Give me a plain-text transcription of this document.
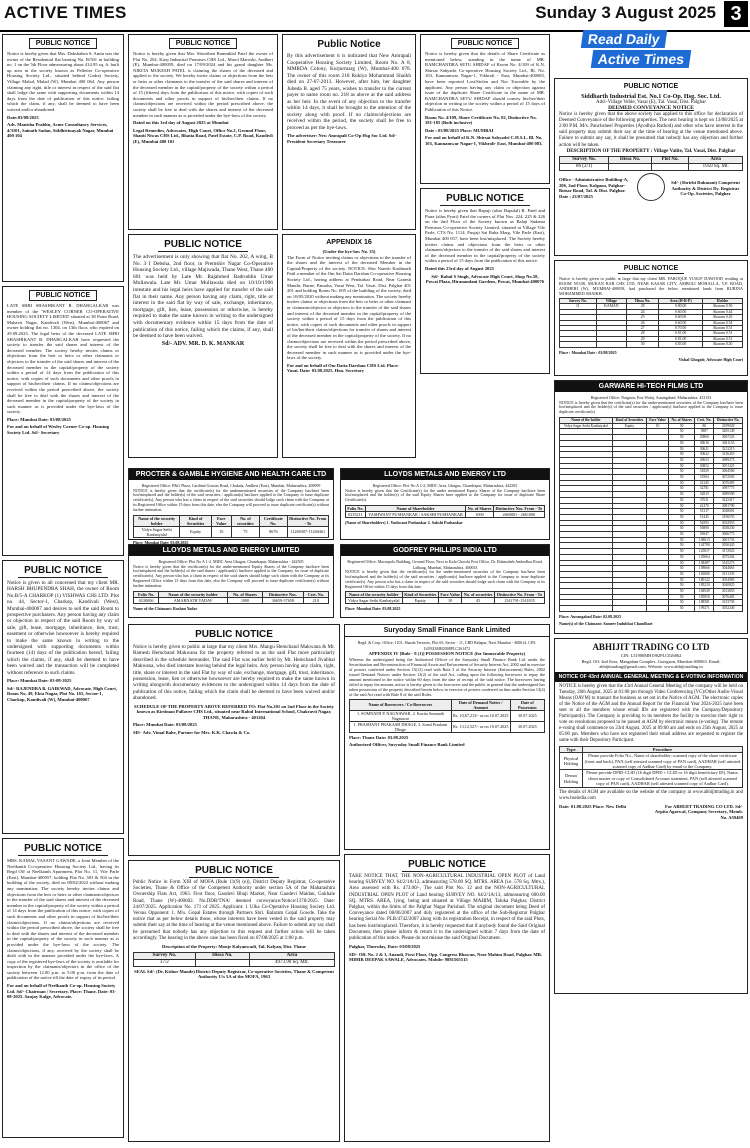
ACTIVE TIMES	Sunday 3 August 2025 3
PUBLIC NOTICE
Notice is hereby given that Mrs. Dakshaben S. Amin was the owner of the Residential flat bearing No. B/501 in building no. 1 on the 5th Floor admeasuring about 414.95 sq. ft. built up area in the society known as Pelletier Co-operative Housing Society Ltd., situated behind Godrej Society, Village Malad, Malad (W), Mumbai 400 064. Any person claiming any right, title or interest in respect of the said flat shall lodge the same with supporting documents within 14 days from the date of publication of this notice, failing which the claim, if any, shall be deemed to have been waived and/or abandoned.
Date:03/08/2025
Adv. Manisha Prabhu, Acme Consultancy Services, 4/3101, Sainath Sadan, Siddhivinayak Nagar, Mumbai 400 104
PUBLIC NOTICE
LATE SHRI SHASHIKANT R. DHARGALKAR was member of the 'WESLEY CORNER CO-OPERATIVE HOUSING SOCIETY LIMITED' situated at 38 Point Road, Mahavir Nagar, Kandivali (West), Mumbai-400067 and owner holding flat no. 1304, on 13th floor, who expired on 29.09.2023. The legal heirs of the deceased LATE SHRI SHASHIKANT R. DHARGALKAR have requested the society to transfer the said shares and interest of the deceased member. The society hereby invites claims or objections from the heir or heirs or other claimants or objectors to the transfer of the said shares and interest of the deceased member in the capital/property of the society within a period of 14 days from the publication of this notice, with copies of such documents and other proofs in support of his/her/their claims. If no claims/objections are received within the period prescribed above, the society shall be free to deal with the shares and interest of the deceased member in the capital/property of the society in such manner as is provided under the bye-laws of the society.
Place: Mumbai Date: 03/08/2025
For and on behalf of Wesley Corner Co-op. Housing Society Ltd. Sd/- Secretary
PUBLIC NOTICE
Notice is given to all concerned that my client MR. HARSH BHUPENDRA SHAH, the owner of Room No.B/5-A CHARKOP (1) VISHWAS CHS LTD. Plot no. 44, Sector-1, Charkop, Kandivali (West), Mumbai-400067 and desires to sell the said Room to prospective purchasers. Any person having any claim or objection in respect of the said Room by way of sale, gift, lease, mortgage, inheritance, lien, trust, easement or otherwise howsoever is hereby required to make the same known in writing to the undersigned with supporting documents within fourteen (14) days of the publication hereof, failing which the claims, if any, shall be deemed to have been waived and the transaction will be completed without reference to such claims.
Place: Mumbai Date: 03-08-2025
Sd/- RAJENDRA B. GAIKWAD, Advocate, High Court, Room No. 49, Ekta Nagar, Plot No. 165, Sector-1, Charkop, Kandivali (W), Mumbai-400067
PUBLIC NOTICE
MRS. KAMAL VASANT GAWADE, a Joint Member of the Neelkanth Co-operative Housing Society Ltd., having its Regd Off at Neelkanth Apartment, Plot No. 11, Vile Parle (East), Mumbai-400057, holding Flat No. 503 & 504 in the building of the society, died on 08/02/2022 without making any nomination. The society hereby invites claims and objections from the heir or heirs or other claimants/objectors to the transfer of the said shares and interest of the deceased member in the capital/property of the society within a period of 14 days from the publication of this notice, with copies of such documents and other proofs in support of his/her/their claims/objections. If no claims/objections are received within the period prescribed above, the society shall be free to deal with the shares and interest of the deceased member in the capital/property of the society in such manner as is provided under the bye-laws of the society. The claims/objections, if any, received by the society shall be dealt with in the manner provided under the bye-laws. A copy of the registered bye-laws of the society is available for inspection by the claimants/objectors in the office of the society between 12.00 p.m. to 5.00 p.m. from the date of publication of the notice till the date of expiry of its period.
For and on behalf of Neelkanth Co-op. Housing Society Ltd. Sd/- Chairman / Secretary. Place: Thane. Date: 03-08-2025. Sanjay Kalge, Advocate.
PUBLIC NOTICE
Notice is hereby given that Mrs. Shwetben Ramniklal Patel the owner of Flat No. 202, Kiraj Industrial Premises CHS Ltd., Marol Maroshi, Andheri (E), Mumbai-400059, died on 17/09/2024 and his grand daughter Ms. NIKITA MUKESH PATEL is claiming the shares of the deceased and applied to the society. We hereby invite claims or objections from the heir or heirs or other claimants to the transfer of the said shares and interest of the deceased member in the capital/property of the society within a period of 15 (fifteen) days from the publication of this notice, with copies of such documents and other proofs in support of his/her/their claims. If no claims/objections are received within the period prescribed above, the society shall be free to deal with the shares and interest of the deceased member in such manner as is provided under the bye-laws of the society.
Dated on this 3rd day of August 2025 at Mumbai
Legal Remedies, Advocates, High Court, Office No.2, Ground Floor, Shanti Niwas CHS Ltd., Bhatia Road, Patel Estate, C.P. Road, Kandivli (E), Mumbai 400 101
PUBLIC NOTICE
The advertisement is only showing that flat No. 202, A wing, B No. 3 I Debsha, 2nd floor, in Premshiv Nagar Co-Operative Housing Society Ltd., village Majiwada, Thane West, Thane 400 601 was held by Late Mr. Rajahmed Badruddin Umar Mullawala. Late Mr. Umar Mullawala died on 10/10/1996 intestate and his legal heirs have applied for transfer of the said flat in their name. Any person having any claim, right, title or interest in the said flat by way of sale, exchange, inheritance, mortgage, gift, lien, lease, possession or otherwise, is hereby required to make the same known in writing to the undersigned with documentary evidence within 15 days from the date of publication of this notice, failing which the claims, if any, shall be deemed to have been waived.
Sd/- ADV. MR. D. K. MANKAR
Public Notice
By this advertisement it is indicated that New Amrapali Cooperative Housing Society Limited, Room No. A 8, MMRDA Colony, Kurjurmarg (W), Mumbai-400 078. The owner of this room 218 Rukiya Mohammad Shaikh died on 27-07-2013. However, after him, her daughter Jubeda B. aged 75 years, wishes to transfer to the current payer to name room no. 218 as above at the said address as her heir. In the event of any objection to the transfer within 14 days, it shall be brought to the attention of the society along with proof. If no claims/objections are received within the period, the society shall be free to proceed as per the bye-laws.
The advertiser: New Amrapali Co-Op Hsg Soc Ltd. Sd/- President Secretary Treasurer
APPENDIX 16
(Under the bye-law No. 35)
The Form of Notice inviting claims or objections to the transfer of the shares and the interest of the deceased Member in the Capital/Property of the society. NOTICE: Shri Naresh Kashinath Patil a member of the Om Sai Datta Darshan Co-operative Housing Society Ltd., having address at Pendurkar Road, Near Ganesh Mandir, Barne, Pamoha, Vasai West, Tal. Vasai, Dist. Palghar 401 201 and holding Room No. 005 of the building of the society, died on 10/05/2020 without making any nomination. The society hereby invites claims or objections from the heir or heirs or other claimant or claimants/objector or objectors to the transfer of the said shares and interest of the deceased member in the capital/property of the society within a period of 15 days from the publication of this notice, with copies of such documents and other proofs in support of his/her/their claims/objections for transfer of shares and interest of the deceased member in the capital/property of the society. If no claims/objections are received within the period prescribed above, the society shall be free to deal with the shares and interest of the deceased member in such manner as is provided under the bye-laws of the society.
For and on behalf of Om Datta Darshan CHS Ltd. Place: Vasai. Date: 03.08.2025. Hon. Secretary
PUBLIC NOTICE
Notice is hereby given that the details of Share Certificate as mentioned below, standing in the name of MR. RAMCHANDRA SETU SHIDAF of Room No. 4/109 of K.N. Shirsat Sahyadri Co-operative Housing Society Ltd., Bl. No. 103, Kannamwar Nagar-1, Vikhroli - East, Mumbai-400083, have been reported Lost/Stolen and Not Traceable by the applicant. Any person having any claim or objection against issue of the duplicate Share Certificate in the name of MR. RAMCHANDRA SETU SHIDAF should convey his/her/their objection in writing to the society within a period of 15 days of Publication of this Notice.
Room No. 4/109, Share Certificate No. 02, Distinctive No. 181-185 (Both inclusive)
Date : 03/08/2025 Place: MUMBAI
For and on behalf of K.N. Shirsat Sahyadri C.H.S.L. Bl. No. 103, Kannamwar Nagar-1, Vikhroli- East, Mumbai-400 083.
PUBLIC NOTICE
Notice is hereby given that Bapuji (alias Bapulal) R. Patel and Piara (alias Pyari) Patel the owners of Flat Nos. 224, 225 & 226 on the 2nd Floor of the Society known as Balaji Sudama Premises Co-operative Society Limited, situated at Village Vile Parle, CTS No. 1114, Pusjaji Sai Baba Marg, Vile Parle (East), Mumbai 400 057, have been lost/misplaced. The Society hereby invites claims and objections from the heirs or other claimants/objectors to the transfer of the said shares and interest of the deceased member in the capital/property of the society within a period of 15 days from the publication of this notice.
Dated this 23rd day of August 2025
Sd/- Rahul S Singh, Advocate High Court, Shop No.58, Powai Plaza, Hiranandani Gardens, Powai, Mumbai-400076
PROCTER & GAMBLE HYGIENE AND HEALTH CARE LTD
Registered Office: P&G Plaza, Cardinal Gracias Road, Chakala, Andheri (East), Mumbai, Maharashtra, 400099
NOTICE is hereby given that the certificate(s) for the undermentioned securities of the Company has/have been lost/misplaced and the holder(s) of the said securities / applicant(s) has/have applied to the Company to issue duplicate certificate(s). Any person who has a claim in respect of the said securities should lodge such claim with the Company at its Registered Office within 15 days from this date, else the Company will proceed to issue duplicate certificate(s) without further intimation.
Name of the security holder	Kind of Securities	Face Value	No. of securities	Certificate No.	Distinctive No. From - To
Vidya Sagar Sethi Kanhaiyalal	Equity	10	75	8676	11260387-11260461
Place: Mumbai Date: 03.08.2025
LLOYDS METALS AND ENERGY LIMITED
Registered Office: Plot No A 1-2, MIDC Area Ghugus, Chandrapur, Maharashtra - 442505
Notice is hereby given that the certificate(s) for the under-mentioned Equity Shares of the Company has/have been lost/misplaced and the holder(s) of the said shares / applicant(s) has/have applied to the Company for issue of duplicate certificate(s). Any person who has a claim in respect of the said shares should lodge such claim with the Company at its Registered Office within 15 days from this date, else the Company will proceed to issue duplicate certificate(s) without further intimation.
Folio No.	Name of the security holder	No. of Shares	Distinctive Nos.	Cert. No.
0230006	AMARNATH YADAV	1000	36659-37658	210
Name of the Claimant: Roshan Yadav
LLOYDS METALS AND ENERGY LTD
Registered Office: Plot No A 1-2, MIDC Area, Ghugus, Chandrapur, Maharashtra, 442505
Notice is hereby given that the Certificate(s) for the under mentioned Equity Shares of the Company has/have been lost/misplaced and the holder(s) of the said Equity Shares have applied to the Company for issue of duplicate Share Certificate(s).
Folio No.	Name of Shareholder	No. of Shares	Distinctive Nos. From - To
0235211	YASHWANT PUSHANKAR / SAKSHI PUSHANKAR	1000	2660001 - 2661000
(Name of Shareholders) 1. Yashwant Pushankar 2. Sakshi Pushankar
GODFREY PHILLIPS INDIA LTD
Registered Office: Macropolo Building, Ground Floor, Next to Kala Chowki Post Office, Dr. Babasaheb Ambedkar Road, Lalbaug, Mumbai, Maharashtra, 400033
NOTICE is hereby given that the certificate(s) for the under-mentioned securities of the Company has/have been lost/misplaced and the holder(s) of the said securities / applicant(s) has/have applied to the Company to issue duplicate certificate(s). Any person who has a claim in respect of the said securities should lodge such claim with the Company at its Registered Office within 15 days from this date.
Name of the security holder	Kind of Securities	Face Value	No. of securities	Distinctive No. From - To
Vidya Sagar Sethi Kanhaiyalal	Equity	10	45	1541791-1541835
Place: Mumbai Date: 03.08.2025
PUBLIC NOTICE
Notice is hereby given to public at large that my client Mrs. Mangu Hemchand Makwana & Mr. Ramesh Hemchand Makwana for the property referred to as the said Flat more particularly described in the schedule hereunder. The said Flat was earlier held by Mr. Hemchand Jivabhai Makwana, who died intestate leaving behind the legal heirs. Any person having any claim, right, title, share or interest in the said Flat by way of sale, exchange, mortgage, gift, trust, inheritance, possession, lease, lien or otherwise howsoever are hereby required to make the same known in writing alongwith documentary evidences to the undersigned within 14 days from the date of publication of this notice, failing which the claim shall be deemed to have been waived and/or abandoned.
SCHEDULE OF THE PROPERTY ABOVE REFERRED TO: Flat No.201 on 2nd Floor in the Society known as Kirtiman Pallavee CHS Ltd., situated near Rahul International School, Chakravti Nagar, THANE, Maharashtra - 401204
Place: Mumbai Date: 03/08/2025
SD/- Adv. Vimal Bahe, Partner for Mrs. K.K. Chawla & Co.
PUBLIC NOTICE
Public Notice in Form XIII of MOFA (Rule 11(9) (e)), District Deputy Registrar, Co-operative Societies, Thane & Office of the Competent Authority under section 5A of the Maharashtra Ownership Flats Act, 1963. First floor, Gaodevi Bhaji Market, Near Gaodevi Maidan, Gokhale Road, Thane (W)-400602. No.DDR/TNA/ deemed conveyance/Notice/1378/2025. Date: 24/07/2025. Application No. 171 of 2025. Applicant: 1 Ulka Co-Operative Housing Society Ltd. Versus Opponent: 1. M/s. Gopal Estates through Partners Shri. Balaram Gopal Gowde. Take the notice that as per below details those, whose interests have been vested in the said property may submit their say at the time of hearing at the venue mentioned above. Failure to submit any say shall be presumed that nobody has any objection to this request and further action will be taken accordingly. The hearing in the above case has been fixed on 07/08/2025 at 1:00 p.m.
Description of the Property: Mouje Kalyanwadi, Tal. Kalyan, Dist. Thane
Survey No.	Hissa No.	Area
37/2		4973.90 Sq. Mtr.
SEAL Sd/- (Dr. Kishor Mande) District Deputy Registrar, Co-operative Societies, Thane & Competent Authority U/s 5A of the MOFA, 1963
Suryoday Small Finance Bank Limited
Regd. & Corp. Office: 1101, Sharda Terraces, Plot 65, Sector - 11, CBD Belapur, Navi Mumbai - 400614. CIN: L65923MH2008PLC261472
APPENDIX IV [Rule - 8 (1)] POSSESSION NOTICE (for Immovable Property)
Whereas the undersigned being the Authorised Officer of the Suryoday Small Finance Bank Ltd. under the Securitisation and Reconstruction of Financial Assets and Enforcement of Security Interest Act, 2002 and in exercise of powers conferred under Section 13(12) read with Rule 3 of the Security Interest (Enforcement) Rules, 2002 issued Demand Notices under Section 13(2) of the said Act, calling upon the following borrowers to repay the amount mentioned in the notice within 60 days from the date of receipt of the said notice. The borrowers having failed to repay the amount, notice is hereby given to the borrowers and the public in general that the undersigned has taken possession of the property described herein below in exercise of powers conferred on him under Section 13(4) of the said Act read with Rule 8 of the said Rules.
Name of Borrowers / Co-Borrowers	Date of Demand Notice / Amount	Date of Possession
1. SOMNATH P. NAGNAWAR, 2. Kavita Somnath Nagnawar	Rs. 10,67,215/- as on 10.07.2025	30.07.2025
1. PRASHANT PRAKASH DHAGE, 2. Sonal Prashant Dhage	Rs. 13,12,527/- as on 10.07.2025	30.07.2025
Place: Thane Date: 03.08.2025
Authorized Officer, Suryoday Small Finance Bank Limited
PUBLIC NOTICE
TAKE NOTICE THAT, THE NON-AGRICULTURAL INDUSTRIAL OPEN PLOT of Land bearing SURVEY NO. 64/2/1A/12, admeasuring 578.00 SQ. MTRS. AREA (i.e. 578 Sq. Mtrs.), Area assessed with Rs. 473.00/-, The said Plot No. 12 and the NON-AGRICULTURAL INDUSTRIAL OPEN PLOT of Land bearing SURVEY NO. 64/2/1A/13, admeasuring 600.00 SQ. MTRS. AREA, lying, being and situated at Village MAHIM, Taluka Palghar, District Palghar, within the limits of the Palghar Nagar Parishad. The original document being Deed of Conveyance dated 08/06/2007 and duly registered at the office of the Sub-Registrar Palghar bearing Serial No. PLR/4742/2007 along with its registration Receipt, in respect of the said Plots, has been lost/misplaced. Therefore, it is hereby requested that if anybody found the Said Original Document, then please inform & return it to the undersigned within 7 days from the date of publication of this notice. Please do not misuse the said Original Document.
Palghar, Thursday, Date: 03/08/2025
SD/- Off. No. 2 & 3, Anandi, First Floor, Opp. Congress Bhawan, Near Mahim Road, Palghar. MR. MIHIR DEEPAK SAWALE, Advocates. Mobile: 9881565515
Read Daily
Active Times
PUBLIC NOTICE
Siddharth Industrial Est. No.1 Co-Op. Hsg. Soc. Ltd.
Add:-Village Vehle, Vasai (E), Tal. Vasai, Dist. Palghar
DEEMED CONVEYANCE NOTICE
Notice is hereby given that the above society has applied to this office for declaration of Deemed Conveyance of the following properties. The next hearing is kept on 13/08/2025 at 2:00 P.M. M/s. Panchsheel Properties (Ayodhya Rathod) and other who have interest in the said property may submit their say at the time of hearing at the venue mentioned above. Failure to submit any say, it shall be presumed that nobody has any objection and further action will be taken.
DESCRIPTION OF THE PROPERTY : Village Vaiite, Tal. Vasai, Dist. Palghar
Survey No.	Hissa No.	Plot No.	Area
86 (2/1)			1950 Sq. Mt.
Office - Administrative Building-A, 206, 2nd Floor, Kolgaon, Palghar-Boisar Road, Tal. & Dist. Palghar. Date : 23/07/2025
Sd/- (Shrirhi Rukmani) Competent Authority & District Dy. Registrar Co-Op. Societies, Palghar
PUBLIC NOTICE
Notice is hereby given to public at large that my client MR. FAROQUE YUSUF DAWOOD residing at ROOM NO.08, MUKAN BAR CHS LTD, NEAR KASAR CITY, AMBOLI MOHALLA, V.P. ROAD, ANDHERI (W), MUMBAI-400058, had purchased the below mentioned lands from RUBINA MOHAMMED SHAIKH.
Survey No.	Village	Hissa No.	Area (H-R-P)	Holder
11	KAMAN	28	0.80.00	Akaram 0.50
		24	0.60.00	Akaram 0.44
		25	0.60.00	Akaram 0.45
		26	0.60.00	Akaram 0.54
		27	0.70.00	Akaram 0.51
		28	0.81.00	Akaram 0.51
		29	0.81.00	Akaram 0.51
		30	0.83.00	Akaram 0.20
Place : Mumbai Date : 03/08/2025
Vishal Ghogale, Advocate High Court
GARWARE HI-TECH FILMS LTD
Registered Office: Naigaon, Post Waluj, Aurangabad, Maharashtra, 431133
NOTICE is hereby given that the certificate(s) for the under-mentioned securities of the Company has/have been lost/misplaced and the holder(s) of the said securities / applicant(s) has/have applied to the Company to issue duplicate certificate(s).
Name of the holder	Kind of Securities	Face Value	No. of Shares	Cert. No.	Distinctive No.
Vidya Sagar Sethi Kanhaiyalal	Equity	10	50	80	3199029
			50	5887	3205149
			50	20860	3067235
			50	30616	3041135
			50	30621	3213215
			50	30622	3136455
			50	30633	3089275
			50	30852	3051325
			50	31829	3064560
			50	31904	3072565
			50	32145	3070495
			50	32781	3097775
			50	32815	3089500
			50	37611	3225417
			50	41470	3081790
			50	51317	3028001
			50	51445	3196555
			50	54593	3032953
			50	56880	3038230
			50	56947	3066775
			50	108613	3001735
			50	124780	3050445
			50	125817	3172923
			50	129064	3075202
			50	138487	3145273
			50	158666	3044665
			50	163806	3131335
			50	180122	3054985
			50	183210	3040825
			50	184949	3013855
			50	185850	3076405
			50	188581	3153705
			50	199271	3052240
Place: Aurangabad Date: 02.08.2025
Name(s) of the Claimant: Sameer Indubhai Chaudhari
ABHIJIT TRADING CO LTD
CIN: L51900MH1982PLC026862
Regd. Off: 2nd floor, Mangalam Complex, Goregaon, Mumbai-400063. Email: abhijittrading@gmail.com. Website: www.abhijittrading.in
NOTICE OF 43rd ANNUAL GENERAL MEETING & E-VOTING INFORMATION
NOTICE is hereby given that the 43rd Annual General Meeting of the company will be held on Tuesday, 26th August, 2025 at 01:00 pm through Video Conferencing (VC)/Other Audio-Visual Means (OAVM) to transact the business as set out in the Notice of AGM. The electronic copies of the Notice of the AGM and the Annual Report for the Financial Year 2024-2025 have been sent to all the members whose email IDs are registered with the Company/Depository Participant(s). The Company is providing to its members the facility to exercise their right to vote on resolutions proposed to be passed at AGM by electronic means (e-voting). The remote e-voting shall commence on 23rd August, 2025 at 09:00 am and ends on 25th August, 2025 at 05:00 pm. Members who have not registered their email address are requested to register the same with their Depository Participant.
Type	Procedure
Physical Holding	Please provide Folio No., Name of shareholder, scanned copy of the share certificate (front and back), PAN (self attested scanned copy of PAN card), AADHAR (self attested scanned copy of Aadhar Card) by email to the Company.
Demat Holding	Please provide DPID-CLID (16 digit DPID + CLID or 16 digit beneficiary ID), Name, client master or copy of Consolidated Account statement, PAN (self attested scanned copy of PAN card), AADHAR (self attested scanned copy of Aadhar Card).
The details of AGM are available on the website of the company at www.abhijittrading.in and www.bseindia.com
Date: 01.08.2025 Place: New Delhi	For ABHIJIT TRADING CO LTD. Sd/- Arpita Agarwal, Company Secretary, Memb. No. A59469
